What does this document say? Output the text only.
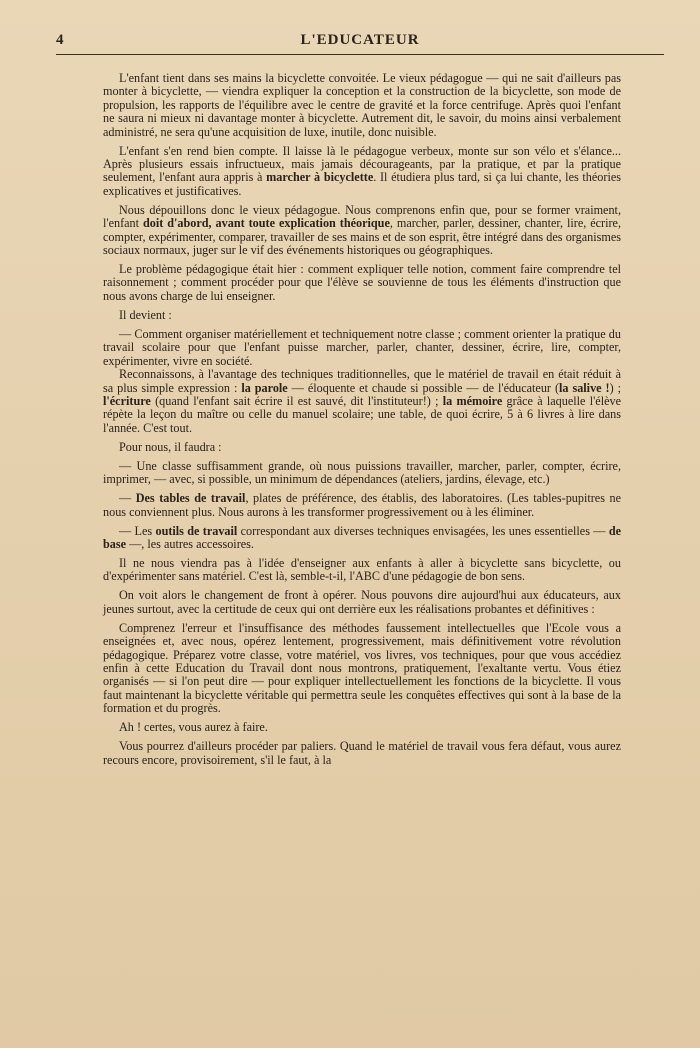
4	L'EDUCATEUR

L'enfant tient dans ses mains la bicyclette convoitée. Le vieux pédagogue — qui ne sait d'ailleurs pas monter à bicyclette, — viendra expliquer la conception et la construction de la bicyclette, son mode de propulsion, les rapports de l'équilibre avec le centre de gravité et la force centrifuge. Après quoi l'enfant ne saura ni mieux ni davantage monter à bicyclette. Autrement dit, le savoir, du moins ainsi verbalement administré, ne sera qu'une acquisition de luxe, inutile, donc nuisible.

L'enfant s'en rend bien compte. Il laisse là le pédagogue verbeux, monte sur son vélo et s'élance... Après plusieurs essais infructueux, mais jamais décourageants, par la pratique, et par la pratique seulement, l'enfant aura appris à marcher à bicyclette. Il étudiera plus tard, si ça lui chante, les théories explicatives et justificatives.

Nous dépouillons donc le vieux pédagogue. Nous comprenons enfin que, pour se former vraiment, l'enfant doit d'abord, avant toute explication théorique, marcher, parler, dessiner, chanter, lire, écrire, compter, expérimenter, comparer, travailler de ses mains et de son esprit, être intégré dans des organismes sociaux normaux, juger sur le vif des événements historiques ou géographiques.

Le problème pédagogique était hier : comment expliquer telle notion, comment faire comprendre tel raisonnement ; comment procéder pour que l'élève se souvienne de tous les éléments d'instruction que nous avons charge de lui enseigner.

Il devient :

— Comment organiser matériellement et techniquement notre classe ; comment orienter la pratique du travail scolaire pour que l'enfant puisse marcher, parler, chanter, dessiner, écrire, lire, compter, expérimenter, vivre en société.

Reconnaissons, à l'avantage des techniques traditionnelles, que le matériel de travail en était réduit à sa plus simple expression : la parole — éloquente et chaude si possible — de l'éducateur (la salive !) ; l'écriture (quand l'enfant sait écrire il est sauvé, dit l'instituteur!) ; la mémoire grâce à laquelle l'élève répète la leçon du maître ou celle du manuel scolaire; une table, de quoi écrire, 5 à 6 livres à lire dans l'année. C'est tout.

Pour nous, il faudra :

— Une classe suffisamment grande, où nous puissions travailler, marcher, parler, compter, écrire, imprimer, — avec, si possible, un minimum de dépendances (ateliers, jardins, élevage, etc.)

— Des tables de travail, plates de préférence, des établis, des laboratoires. (Les tables-pupitres ne nous conviennent plus. Nous aurons à les transformer progressivement ou à les éliminer.

— Les outils de travail correspondant aux diverses techniques envisagées, les unes essentielles — de base —, les autres accessoires.

Il ne nous viendra pas à l'idée d'enseigner aux enfants à aller à bicyclette sans bicyclette, ou d'expérimenter sans matériel. C'est là, semble-t-il, l'ABC d'une pédagogie de bon sens.

On voit alors le changement de front à opérer. Nous pouvons dire aujourd'hui aux éducateurs, aux jeunes surtout, avec la certitude de ceux qui ont derrière eux les réalisations probantes et définitives :

Comprenez l'erreur et l'insuffisance des méthodes faussement intellectuelles que l'Ecole vous a enseignées et, avec nous, opérez lentement, progressivement, mais définitivement votre révolution pédagogique. Préparez votre classe, votre matériel, vos livres, vos techniques, pour que vous accédiez enfin à cette Education du Travail dont nous montrons, pratiquement, l'exaltante vertu. Vous étiez organisés — si l'on peut dire — pour expliquer intellectuellement les fonctions de la bicyclette. Il vous faut maintenant la bicyclette véritable qui permettra seule les conquêtes effectives qui sont à la base de la formation et du progrès.

Ah ! certes, vous aurez à faire.

Vous pourrez d'ailleurs procéder par paliers. Quand le matériel de travail vous fera défaut, vous aurez recours encore, provisoirement, s'il le faut, à la
